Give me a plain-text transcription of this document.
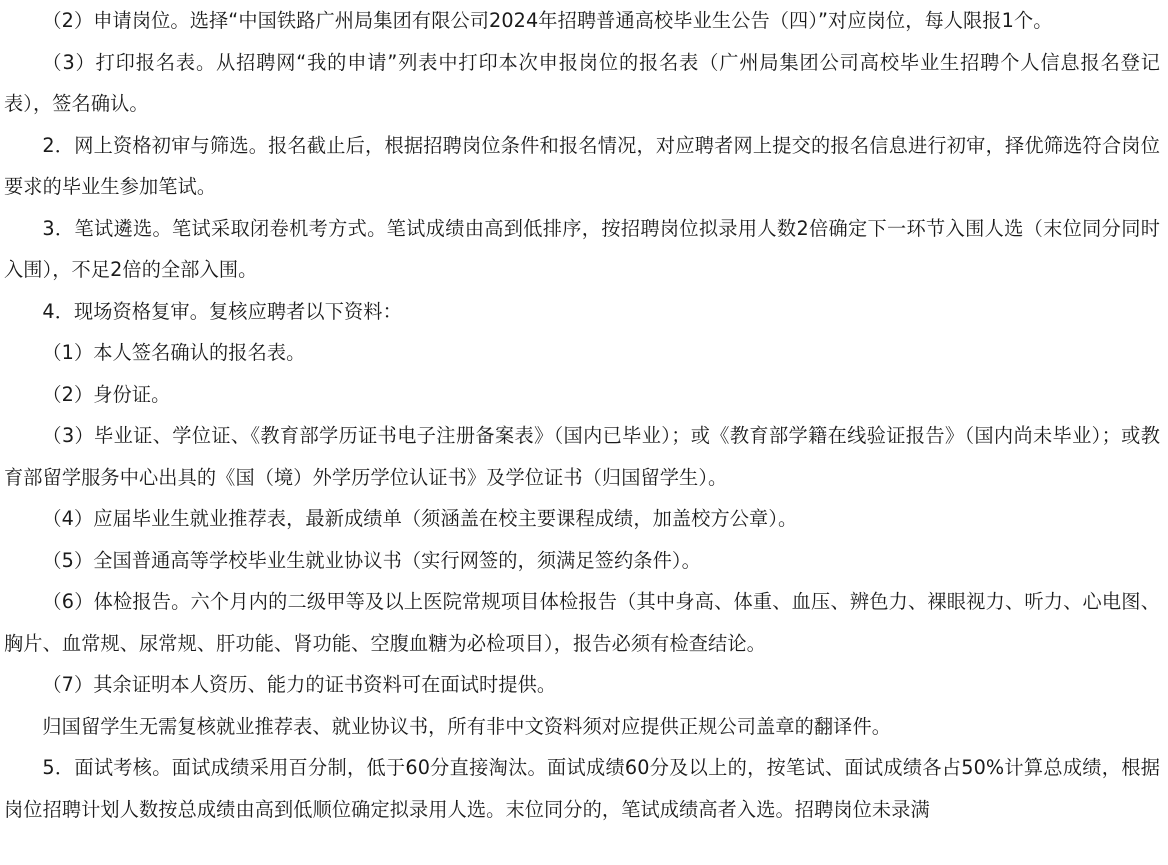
（2）申请岗位。选择“中国铁路广州局集团有限公司2024年招聘普通高校毕业生公告（四）”对应岗位，每人限报1个。

（3）打印报名表。从招聘网“我的申请”列表中打印本次申报岗位的报名表（广州局集团公司高校毕业生招聘个人信息报名登记表），签名确认。

2．网上资格初审与筛选。报名截止后，根据招聘岗位条件和报名情况，对应聘者网上提交的报名信息进行初审，择优筛选符合岗位要求的毕业生参加笔试。

3．笔试遴选。笔试采取闭卷机考方式。笔试成绩由高到低排序，按招聘岗位拟录用人数2倍确定下一环节入围人选（末位同分同时入围），不足2倍的全部入围。

4．现场资格复审。复核应聘者以下资料：

（1）本人签名确认的报名表。

（2）身份证。

（3）毕业证、学位证、《教育部学历证书电子注册备案表》（国内已毕业）；或《教育部学籍在线验证报告》（国内尚未毕业）；或教育部留学服务中心出具的《国（境）外学历学位认证书》及学位证书（归国留学生）。

（4）应届毕业生就业推荐表，最新成绩单（须涵盖在校主要课程成绩，加盖校方公章）。

（5）全国普通高等学校毕业生就业协议书（实行网签的，须满足签约条件）。

（6）体检报告。六个月内的二级甲等及以上医院常规项目体检报告（其中身高、体重、血压、辨色力、裸眼视力、听力、心电图、胸片、血常规、尿常规、肝功能、肾功能、空腹血糖为必检项目），报告必须有检查结论。

（7）其余证明本人资历、能力的证书资料可在面试时提供。

归国留学生无需复核就业推荐表、就业协议书，所有非中文资料须对应提供正规公司盖章的翻译件。

5．面试考核。面试成绩采用百分制，低于60分直接淘汰。面试成绩60分及以上的，按笔试、面试成绩各占50%计算总成绩，根据岗位招聘计划人数按总成绩由高到低顺位确定拟录用人选。末位同分的，笔试成绩高者入选。招聘岗位未录满
